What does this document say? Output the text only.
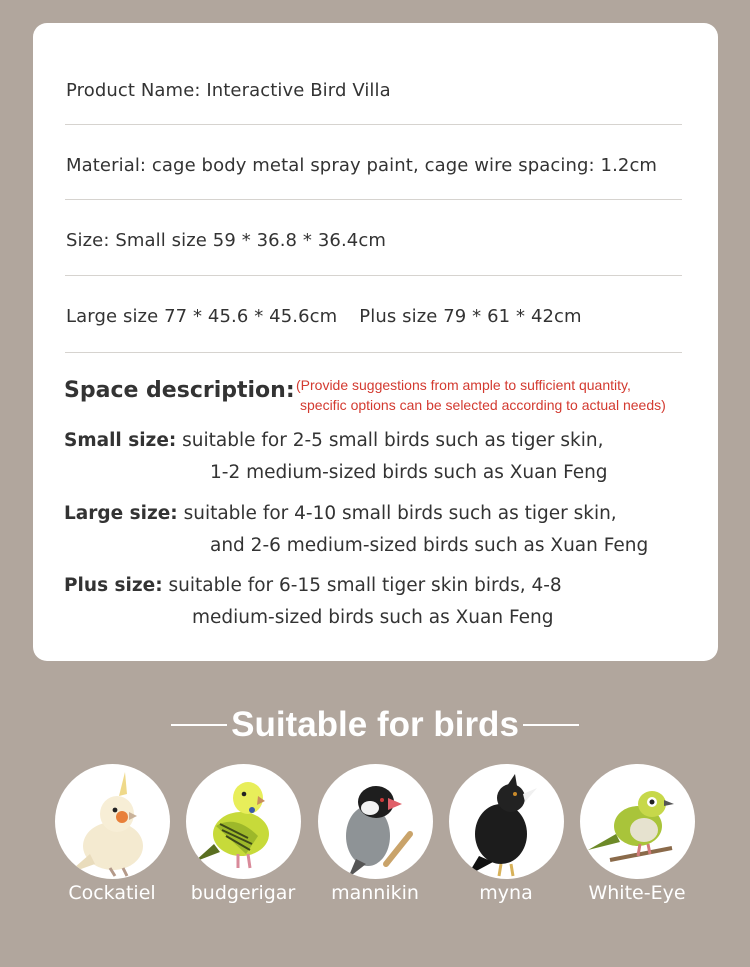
Product Name: Interactive Bird Villa
Material: cage body metal spray paint, cage wire spacing: 1.2cm
Size: Small size 59 * 36.8 * 36.4cm
Large size 77 * 45.6 * 45.6cm Plus size 79 * 61 * 42cm
Space description: (Provide suggestions from ample to sufficient quantity,
specific options can be selected according to actual needs)
Small size: suitable for 2-5 small birds such as tiger skin,
1-2 medium-sized birds such as Xuan Feng
Large size: suitable for 4-10 small birds such as tiger skin,
and 2-6 medium-sized birds such as Xuan Feng
Plus size: suitable for 6-15 small tiger skin birds, 4-8
medium-sized birds such as Xuan Feng
Suitable for birds
Cockatiel	budgerigar	mannikin	myna	White-Eye
